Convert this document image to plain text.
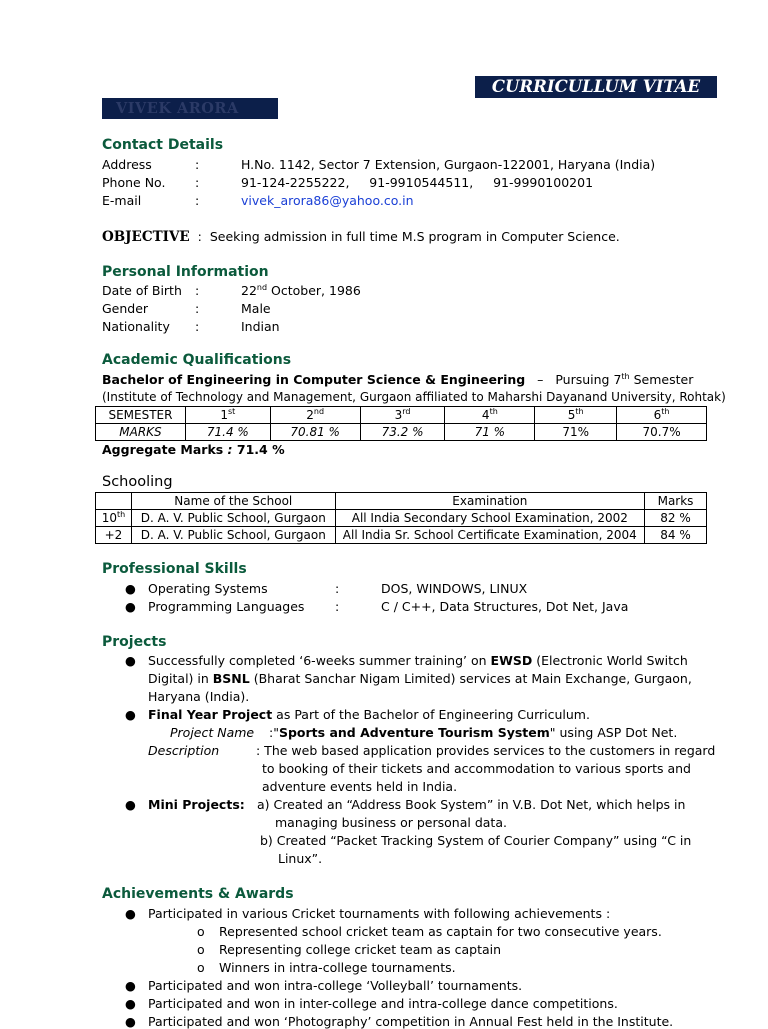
CURRICULLUM VITAE
VIVEK ARORA
Contact Details
Address	:	H.No. 1142, Sector 7 Extension, Gurgaon-122001, Haryana (India)
Phone No. :	91-124-2255222,     91-9910544511,     91-9990100201
E-mail	:	vivek_arora86@yahoo.co.in
OBJECTIVE  :  Seeking admission in full time M.S program in Computer Science.
Personal Information
Date of Birth :	22nd October, 1986
Gender	:	Male
Nationality :	Indian
Academic Qualifications
Bachelor of Engineering in Computer Science & Engineering – Pursuing 7th Semester
(Institute of Technology and Management, Gurgaon affiliated to Maharshi Dayanand University, Rohtak)
SEMESTER	1st	2nd	3rd	4th	5th	6th
MARKS	71.4 %	70.81 %	73.2 %	71 %	71%	70.7%
Aggregate Marks : 71.4 %
Schooling
	Name of the School	Examination	Marks
10th	D. A. V. Public School, Gurgaon	All India Secondary School Examination, 2002	82 %
+2	D. A. V. Public School, Gurgaon	All India Sr. School Certificate Examination, 2004	84 %
Professional Skills
● Operating Systems	:	DOS, WINDOWS, LINUX
● Programming Languages :	C / C++, Data Structures, Dot Net, Java
Projects
● Successfully completed ‘6-weeks summer training’ on EWSD (Electronic World Switch
Digital) in BSNL (Bharat Sanchar Nigam Limited) services at Main Exchange, Gurgaon,
Haryana (India).
● Final Year Project as Part of the Bachelor of Engineering Curriculum.
Project Name :"Sports and Adventure Tourism System" using ASP Dot Net.
Description	: The web based application provides services to the customers in regard
to booking of their tickets and accommodation to various sports and
adventure events held in India.
● Mini Projects: a) Created an “Address Book System” in V.B. Dot Net, which helps in
managing business or personal data.
b) Created “Packet Tracking System of Courier Company” using “C in
Linux”.
Achievements & Awards
● Participated in various Cricket tournaments with following achievements :
o Represented school cricket team as captain for two consecutive years.
o Representing college cricket team as captain
o Winners in intra-college tournaments.
● Participated and won intra-college ‘Volleyball’ tournaments.
● Participated and won in inter-college and intra-college dance competitions.
● Participated and won ‘Photography’ competition in Annual Fest held in the Institute.
